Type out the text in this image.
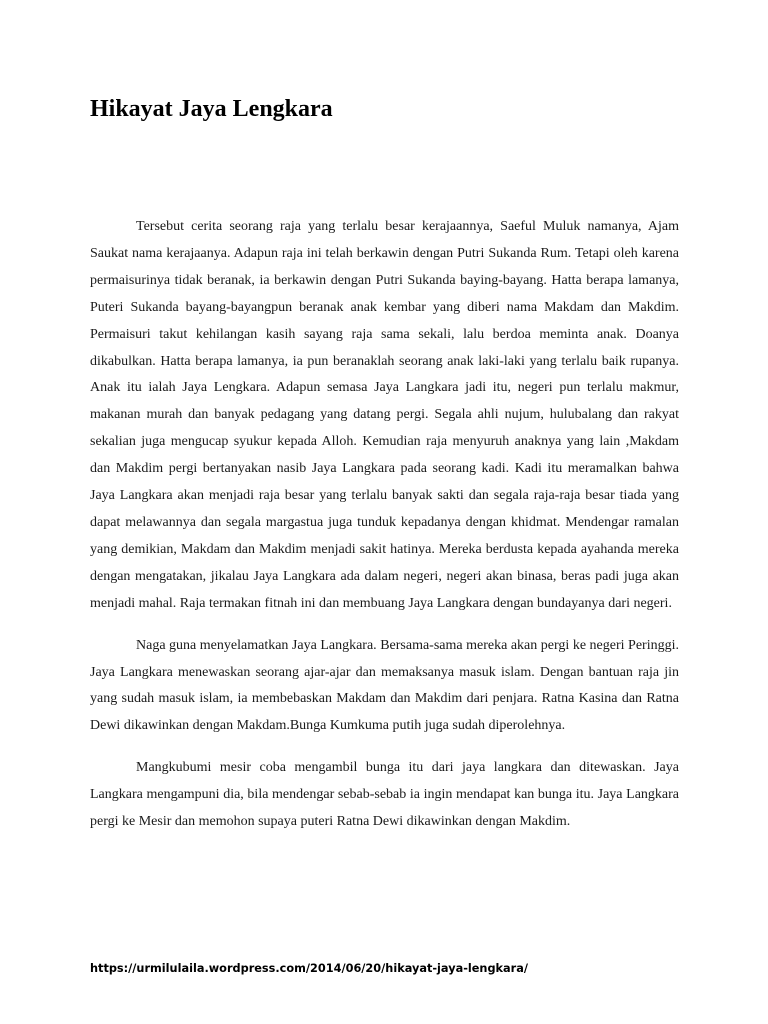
Hikayat Jaya Lengkara

Tersebut cerita seorang raja yang terlalu besar kerajaannya, Saeful Muluk namanya, Ajam Saukat nama kerajaanya. Adapun raja ini telah berkawin dengan Putri Sukanda Rum. Tetapi oleh karena permaisurinya tidak beranak, ia berkawin dengan Putri Sukanda baying-bayang. Hatta berapa lamanya, Puteri Sukanda bayang-bayangpun beranak anak kembar yang diberi nama Makdam dan Makdim. Permaisuri takut kehilangan kasih sayang raja sama sekali, lalu berdoa meminta anak. Doanya dikabulkan. Hatta berapa lamanya, ia pun beranaklah seorang anak laki-laki yang terlalu baik rupanya. Anak itu ialah Jaya Lengkara. Adapun semasa Jaya Langkara jadi itu, negeri pun terlalu makmur, makanan murah dan banyak pedagang yang datang pergi. Segala ahli nujum, hulubalang dan rakyat sekalian juga mengucap syukur kepada Alloh. Kemudian raja menyuruh anaknya yang lain ,Makdam dan Makdim pergi bertanyakan nasib Jaya Langkara pada seorang kadi. Kadi itu meramalkan bahwa Jaya Langkara akan menjadi raja besar yang terlalu banyak sakti dan segala raja-raja besar tiada yang dapat melawannya dan segala margastua juga tunduk kepadanya dengan khidmat. Mendengar ramalan yang demikian, Makdam dan Makdim menjadi sakit hatinya. Mereka berdusta kepada ayahanda mereka dengan mengatakan, jikalau Jaya Langkara ada dalam negeri, negeri akan binasa, beras padi juga akan menjadi mahal. Raja termakan fitnah ini dan membuang Jaya Langkara dengan bundayanya dari negeri.

Naga guna menyelamatkan Jaya Langkara. Bersama-sama mereka akan pergi ke negeri Peringgi. Jaya Langkara menewaskan seorang ajar-ajar dan memaksanya masuk islam. Dengan bantuan raja jin yang sudah masuk islam, ia membebaskan Makdam dan Makdim dari penjara. Ratna Kasina dan Ratna Dewi dikawinkan dengan Makdam.Bunga Kumkuma putih juga sudah diperolehnya.

Mangkubumi mesir coba mengambil bunga itu dari jaya langkara dan ditewaskan. Jaya Langkara mengampuni dia, bila mendengar sebab-sebab ia ingin mendapat kan bunga itu. Jaya Langkara pergi ke Mesir dan memohon supaya puteri Ratna Dewi dikawinkan dengan Makdim.

https://urmilulaila.wordpress.com/2014/06/20/hikayat-jaya-lengkara/
